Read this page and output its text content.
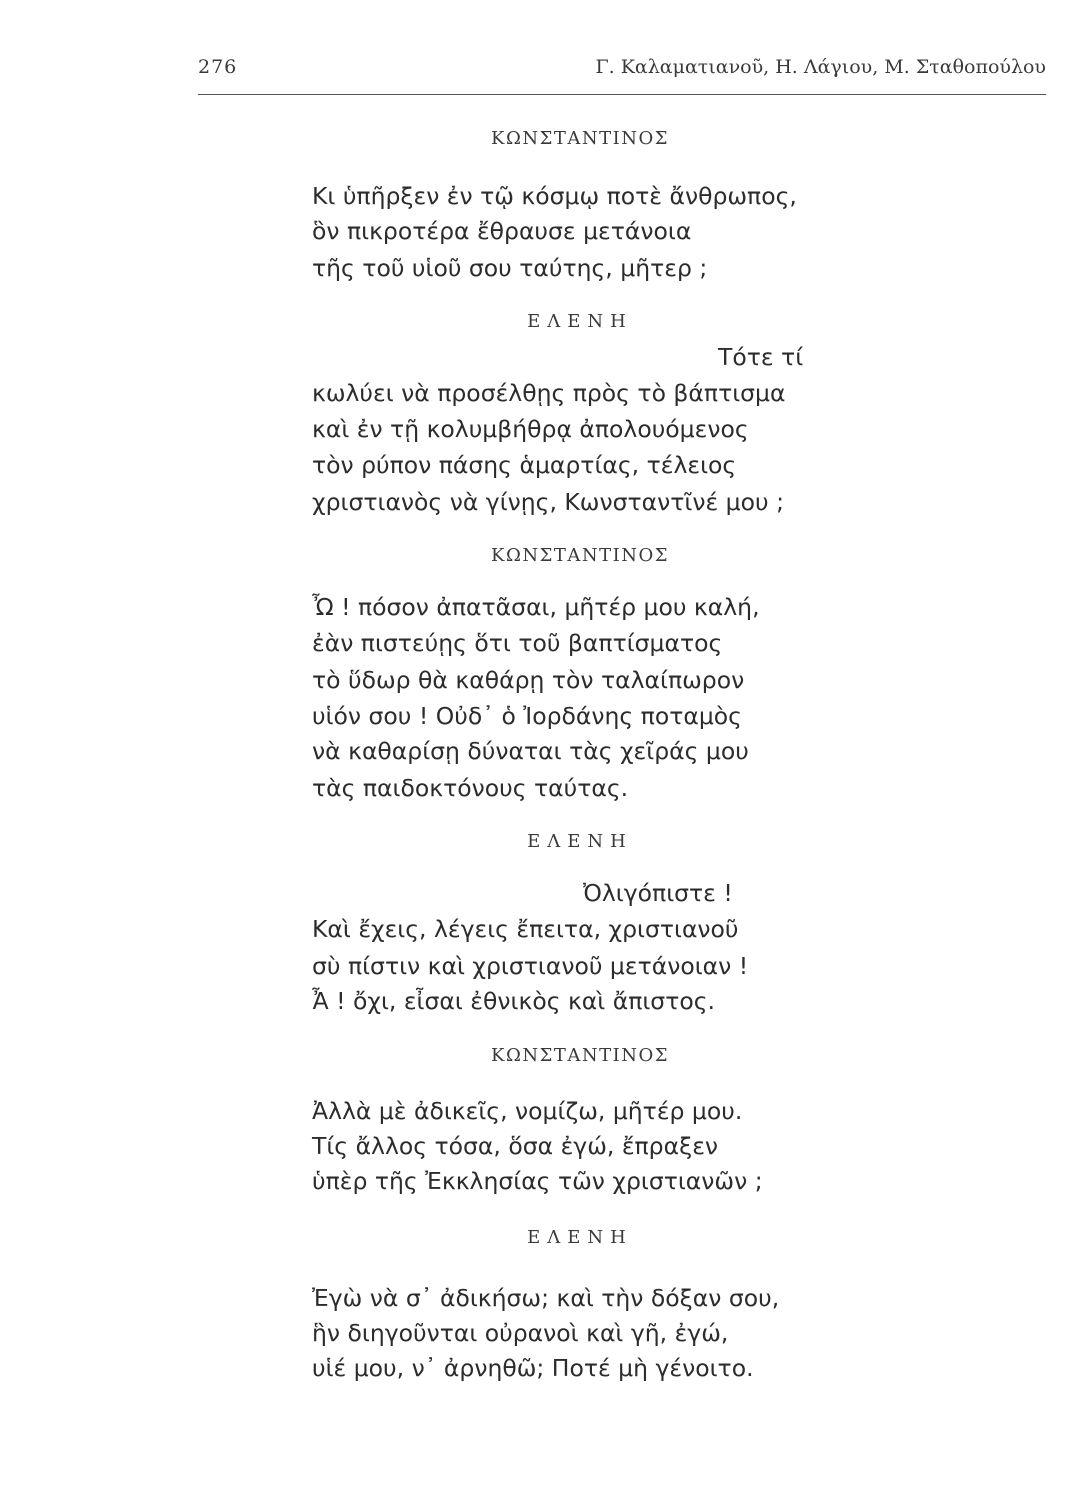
276	Γ. Καλαματιανοῦ, Η. Λάγιου, Μ. Σταθοπούλου
ΚΩΝΣΤΑΝΤΙΝΟΣ
Κι ὑπῆρξεν ἐν τῷ κόσμῳ ποτὲ ἄνθρωπος,
ὃν πικροτέρα ἔθραυσε μετάνοια
τῆς τοῦ υἱοῦ σου ταύτης, μῆτερ ;
ΕΛΕΝΗ
Τότε τί
κωλύει νὰ προσέλθῃς πρὸς τὸ βάπτισμα
καὶ ἐν τῇ κολυμβήθρᾳ ἀπολουόμενος
τὸν ρύπον πάσης ἁμαρτίας, τέλειος
χριστιανὸς νὰ γίνῃς, Κωνσταντῖνέ μου ;
ΚΩΝΣΤΑΝΤΙΝΟΣ
Ὦ ! πόσον ἀπατᾶσαι, μῆτέρ μου καλή,
ἐὰν πιστεύῃς ὅτι τοῦ βαπτίσματος
τὸ ὕδωρ θὰ καθάρῃ τὸν ταλαίπωρον
υἱόν σου ! Οὐδ᾽ ὁ Ἰορδάνης ποταμὸς
νὰ καθαρίσῃ δύναται τὰς χεῖράς μου
τὰς παιδοκτόνους ταύτας.
ΕΛΕΝΗ
Ὀλιγόπιστε !
Καὶ ἔχεις, λέγεις ἔπειτα, χριστιανοῦ
σὺ πίστιν καὶ χριστιανοῦ μετάνοιαν !
Ἆ ! ὄχι, εἶσαι ἐθνικὸς καὶ ἄπιστος.
ΚΩΝΣΤΑΝΤΙΝΟΣ
Ἀλλὰ μὲ ἀδικεῖς, νομίζω, μῆτέρ μου.
Τίς ἄλλος τόσα, ὅσα ἐγώ, ἔπραξεν
ὑπὲρ τῆς Ἐκκλησίας τῶν χριστιανῶν ;
ΕΛΕΝΗ
Ἐγὼ νὰ σ᾽ ἀδικήσω; καὶ τὴν δόξαν σου,
ἣν διηγοῦνται οὐρανοὶ καὶ γῆ, ἐγώ,
υἱέ μου, ν᾽ ἀρνηθῶ; Ποτέ μὴ γένοιτο.
